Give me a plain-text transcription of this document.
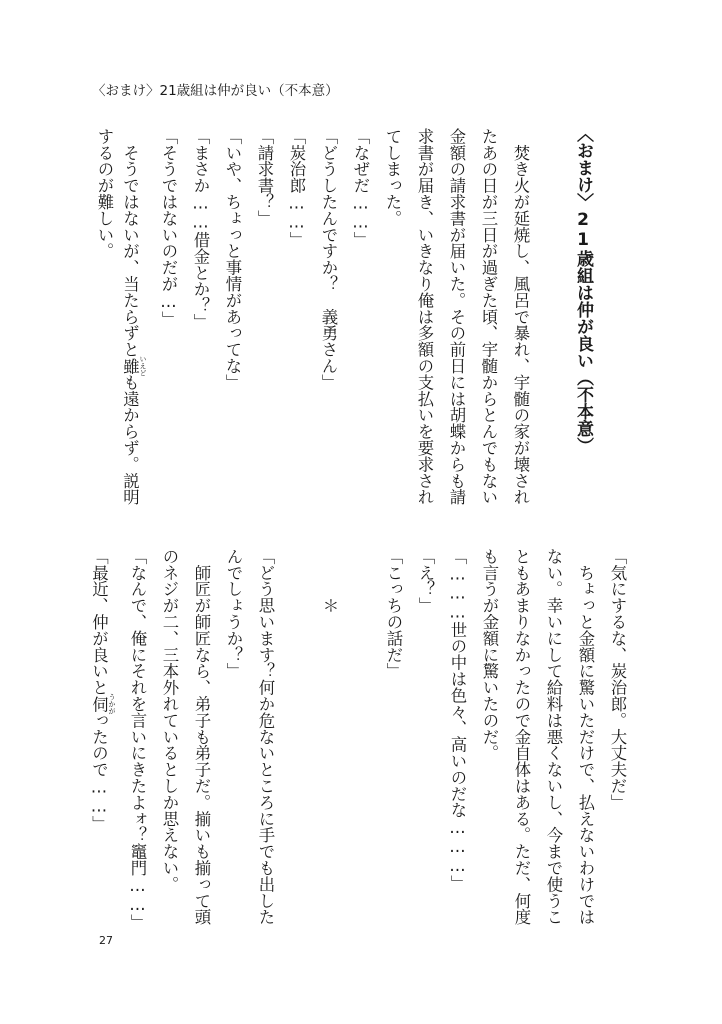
〈おまけ〉21歳組は仲が良い（不本意）
〈おまけ〉21歳組は仲が良い（不本意）
　焚き火が延焼し、風呂で暴れ、宇髄の家が壊され
たあの日が三日が過ぎた頃、宇髄からとんでもない
金額の請求書が届いた。その前日には胡蝶からも請
求書が届き、いきなり俺は多額の支払いを要求され
てしまった。
「なぜだ……」
「どうしたんですか？　義勇さん」
「炭治郎……」
「請求書？」
「いや、ちょっと事情があってな」
「まさか……借金とか？」
「そうではないのだが…」
　そうではないが、当たらずと雖 いえども遠からず。説明
するのが難しい。
「気にするな、炭治郎。大丈夫だ」
　ちょっと金額に驚いただけで、払えないわけでは
ない。幸いにして給料は悪くないし、今まで使うこ
ともあまりなかったので金自体はある。ただ、何度
も言うが金額に驚いたのだ。
「………世の中は色々、高いのだな………」
「え？」
「こっちの話だ」
　　　＊
「どう思います？何か危ないところに手でも出した
んでしょうか？」
　師匠が師匠なら、弟子も弟子だ。揃いも揃って頭
のネジが二、三本外れているとしか思えない。
「なんで、俺にそれを言いにきたよォ？竈門……」
「最近、仲が良いと伺 うかがったので……」
27
